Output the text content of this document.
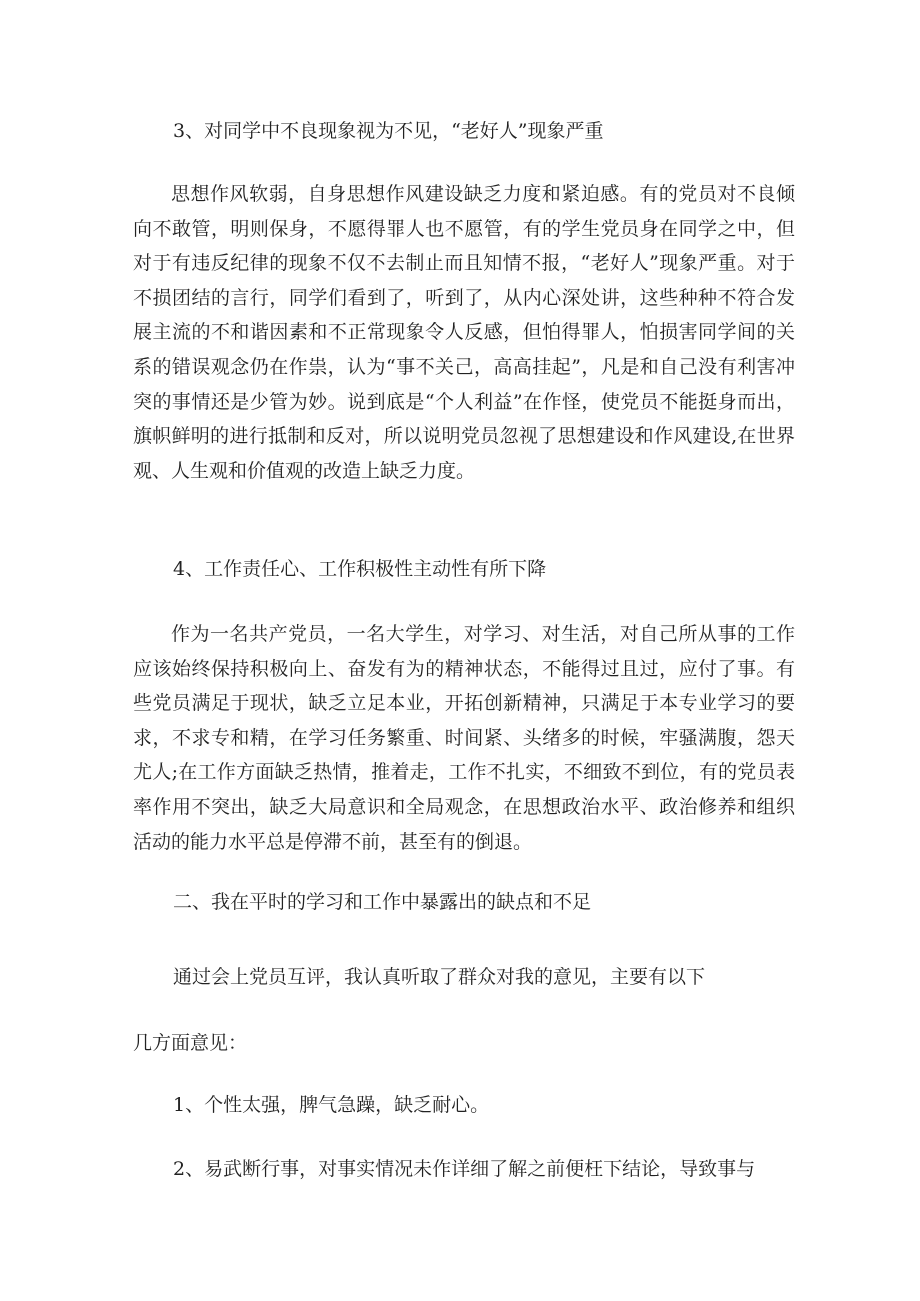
3、对同学中不良现象视为不见，“老好人”现象严重

思想作风软弱，自身思想作风建设缺乏力度和紧迫感。有的党员对不良倾向不敢管，明则保身，不愿得罪人也不愿管，有的学生党员身在同学之中，但对于有违反纪律的现象不仅不去制止而且知情不报，“老好人”现象严重。对于不损团结的言行，同学们看到了，听到了，从内心深处讲，这些种种不符合发展主流的不和谐因素和不正常现象令人反感，但怕得罪人，怕损害同学间的关系的错误观念仍在作祟，认为“事不关己，高高挂起”，凡是和自己没有利害冲突的事情还是少管为妙。说到底是“个人利益”在作怪，使党员不能挺身而出，旗帜鲜明的进行抵制和反对，所以说明党员忽视了思想建设和作风建设,在世界观、人生观和价值观的改造上缺乏力度。

4、工作责任心、工作积极性主动性有所下降

作为一名共产党员，一名大学生，对学习、对生活，对自己所从事的工作应该始终保持积极向上、奋发有为的精神状态，不能得过且过，应付了事。有些党员满足于现状，缺乏立足本业，开拓创新精神，只满足于本专业学习的要求，不求专和精，在学习任务繁重、时间紧、头绪多的时候，牢骚满腹，怨天尤人;在工作方面缺乏热情，推着走，工作不扎实，不细致不到位，有的党员表率作用不突出，缺乏大局意识和全局观念，在思想政治水平、政治修养和组织活动的能力水平总是停滞不前，甚至有的倒退。

二、我在平时的学习和工作中暴露出的缺点和不足

通过会上党员互评，我认真听取了群众对我的意见，主要有以下

几方面意见：

1、个性太强，脾气急躁，缺乏耐心。

2、易武断行事，对事实情况未作详细了解之前便枉下结论，导致事与
